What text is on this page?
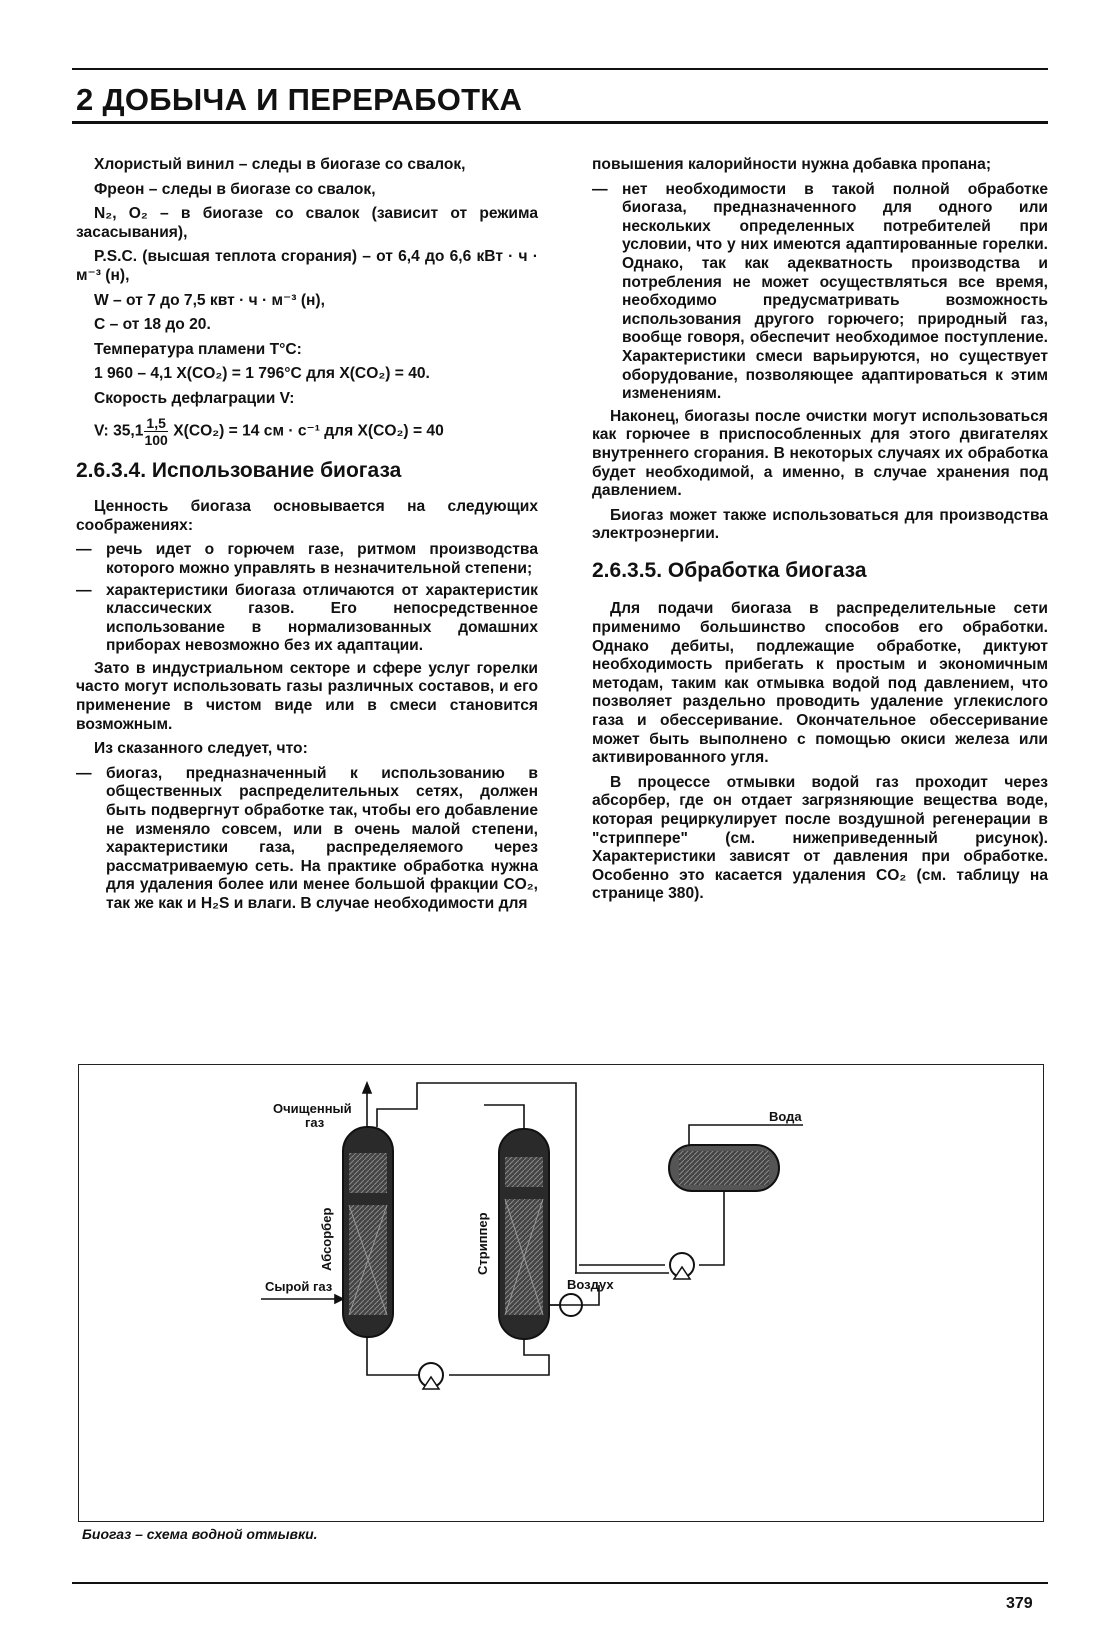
2 ДОБЫЧА И ПЕРЕРАБОТКА

Хлористый винил – следы в биогазе со свалок,

Фреон – следы в биогазе со свалок,

N₂, O₂ – в биогазе со свалок (зависит от режима засасывания),

P.S.C. (высшая теплота сгорания) – от 6,4 до 6,6 кВт · ч · м⁻³ (н),

W – от 7 до 7,5 квт · ч · м⁻³ (н),

С – от 18 до 20.

Температура пламени Т°С:

1 960 – 4,1 X(CO₂) = 1 796°C для X(CO₂) = 40.

Скорость дефлаграции V:

V: $35,1 \frac{1,5}{100} X(CO_2) = 14$ см · с⁻¹ для X(CO₂) = 40
2.6.3.4. Использование биогаза

Ценность биогаза основывается на следующих соображениях:

— речь идет о горючем газе, ритмом производства которого можно управлять в незначительной степени;
— характеристики биогаза отличаются от характеристик классических газов. Его непосредственное использование в нормализованных домашних приборах невозможно без их адаптации.

Зато в индустриальном секторе и сфере услуг горелки часто могут использовать газы различных составов, и его применение в чистом виде или в смеси становится возможным.

Из сказанного следует, что:

— биогаз, предназначенный к использованию в общественных распределительных сетях, должен быть подвергнут обработке так, чтобы его добавление не изменяло совсем, или в очень малой степени, характеристики газа, распределяемого через рассматриваемую сеть. На практике обработка нужна для удаления более или менее большой фракции CO₂, так же как и H₂S и влаги. В случае необходимости для

повышения калорийности нужна добавка пропана;

— нет необходимости в такой полной обработке биогаза, предназначенного для одного или нескольких определенных потребителей при условии, что у них имеются адаптированные горелки. Однако, так как адекватность производства и потребления не может осуществляться все время, необходимо предусматривать возможность использования другого горючего; природный газ, вообще говоря, обеспечит необходимое поступление. Характеристики смеси варьируются, но существует оборудование, позволяющее адаптироваться к этим изменениям.

Наконец, биогазы после очистки могут использоваться как горючее в приспособленных для этого двигателях внутреннего сгорания. В некоторых случаях их обработка будет необходимой, а именно, в случае хранения под давлением.

Биогаз может также использоваться для производства электроэнергии.

2.6.3.5. Обработка биогаза

Для подачи биогаза в распределительные сети применимо большинство способов его обработки. Однако дебиты, подлежащие обработке, диктуют необходимость прибегать к простым и экономичным методам, таким как отмывка водой под давлением, что позволяет раздельно проводить удаление углекислого газа и обессеривание. Окончательное обессеривание может быть выполнено с помощью окиси железа или активированного угля.

В процессе отмывки водой газ проходит через абсорбер, где он отдает загрязняющие вещества воде, которая рециркулирует после воздушной регенерации в "стриппере" (см. нижеприведенный рисунок). Характеристики зависят от давления при обработке. Особенно это касается удаления CO₂ (см. таблицу на странице 380).

Очищенный
газ	Вода
Сырой газ	Воздух
Абсорбер	Стриппер
Биогаз – схема водной отмывки.
379
